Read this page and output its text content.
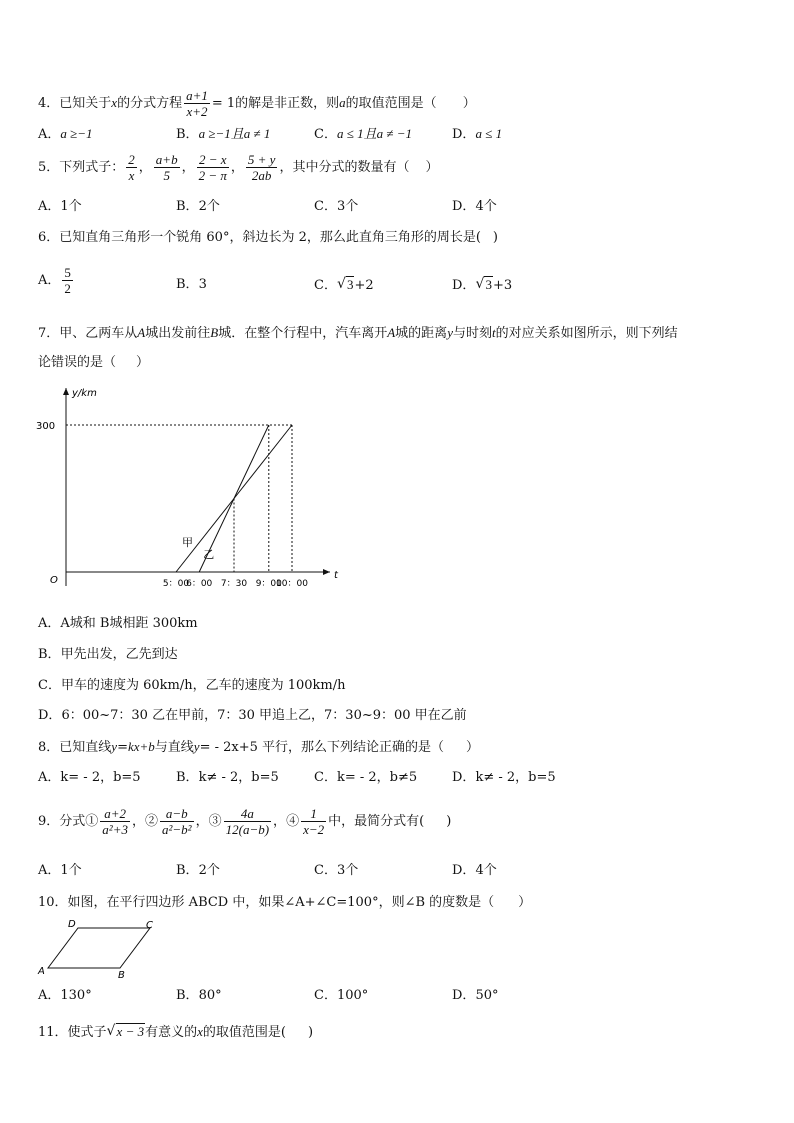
4．已知关于x的分式方程 $\frac{a+1}{x+2} = 1$的解是非正数，则a的取值范围是（ ）
A．a ≥−1	B．a ≥−1且a ≠ 1	C．a ≤ 1且a ≠ −1	D．a ≤ 1
5．下列式子： $\frac{2}{x}$ ， $\frac{a+b}{5}$ ， $\frac{2 - x}{2 - \pi}$ ， $\frac{5 + y}{2ab}$ ，其中分式的数量有（ ）
A．1个	B．2个	C．3个	D．4个
6．已知直角三角形一个锐角 60°，斜边长为 2，那么此直角三角形的周长是( )
A． $\frac{5}{2}$	B．3	C． √ 3+2	D． √ 3+3
7．甲、乙两车从A城出发前往B城．在整个行程中，汽车离开A城的距离y与时刻t的对应关系如图所示，则下列结
论错误的是（ ）
y/km
t
O
300
甲
乙
5：00
6：00 7：30 9：00
10：00
A．A城和 B城相距 300km
B．甲先出发，乙先到达
C．甲车的速度为 60km/h，乙车的速度为 100km/h
D．6：00~7：30 乙在甲前，7：30 甲追上乙，7：30~9：00 甲在乙前
8．已知直线y=kx+b与直线y= - 2x+5 平行，那么下列结论正确的是（ ）
A．k= - 2，b=5	B．k≠ - 2，b=5	C．k= - 2，b≠5	D．k≠ - 2，b=5
9．分式① $\frac{a+2}{\text{a²+3}}$ ，② $\frac{a-b}{\text{a²−b²}}$ ，③ $\frac{4a}{12(a-b)}$ ，④ $\frac{1}{x-2}$ 中，最简分式有( )
A．1个	B．2个	C．3个	D．4个
10．如图，在平行四边形 ABCD 中，如果∠A+∠C=100°，则∠B 的度数是（ ）
A	B
C
D
A．130°	B．80°	C．100°	D．50°
11．使式子 √ x − 3有意义的x的取值范围是( )
